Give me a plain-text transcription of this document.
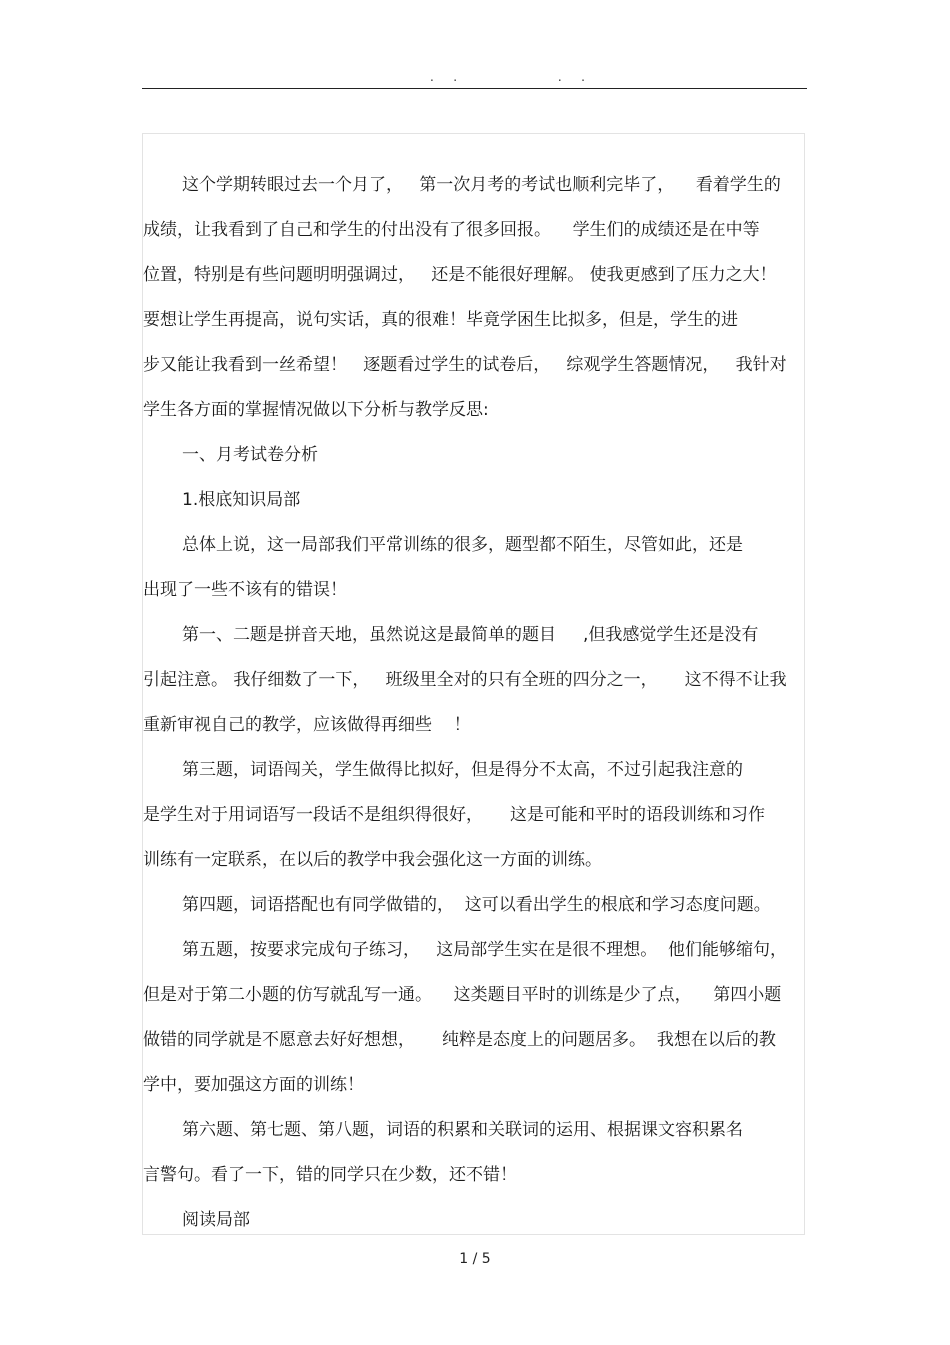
.   .                 .   .
这个学期转眼过去一个月了，   第一次月考的考试也顺利完毕了，    看着学生的
成绩，让我看到了自己和学生的付出没有了很多回报。    学生们的成绩还是在中等
位置，特别是有些问题明明强调过，   还是不能很好理解。 使我更感到了压力之大！
要想让学生再提高，说句实话，真的很难！毕竟学困生比拟多，但是，学生的进
步又能让我看到一丝希望！   逐题看过学生的试卷后，   综观学生答题情况，   我针对
学生各方面的掌握情况做以下分析与教学反思:
一、月考试卷分析
1.根底知识局部
总体上说，这一局部我们平常训练的很多，题型都不陌生，尽管如此，还是
出现了一些不该有的错误！
第一、二题是拼音天地，虽然说这是最简单的题目     ,但我感觉学生还是没有
引起注意。 我仔细数了一下，   班级里全对的只有全班的四分之一，     这不得不让我
重新审视自己的教学，应该做得再细些    ！
第三题，词语闯关，学生做得比拟好，但是得分不太高，不过引起我注意的
是学生对于用词语写一段话不是组织得很好，     这是可能和平时的语段训练和习作
训练有一定联系，在以后的教学中我会强化这一方面的训练。
第四题，词语搭配也有同学做错的，  这可以看出学生的根底和学习态度问题。
第五题，按要求完成句子练习，   这局部学生实在是很不理想。  他们能够缩句，
但是对于第二小题的仿写就乱写一通。    这类题目平时的训练是少了点，    第四小题
做错的同学就是不愿意去好好想想，     纯粹是态度上的问题居多。  我想在以后的教
学中，要加强这方面的训练！
第六题、第七题、第八题，词语的积累和关联词的运用、根据课文容积累名
言警句。看了一下，错的同学只在少数，还不错！
阅读局部
1 / 5
